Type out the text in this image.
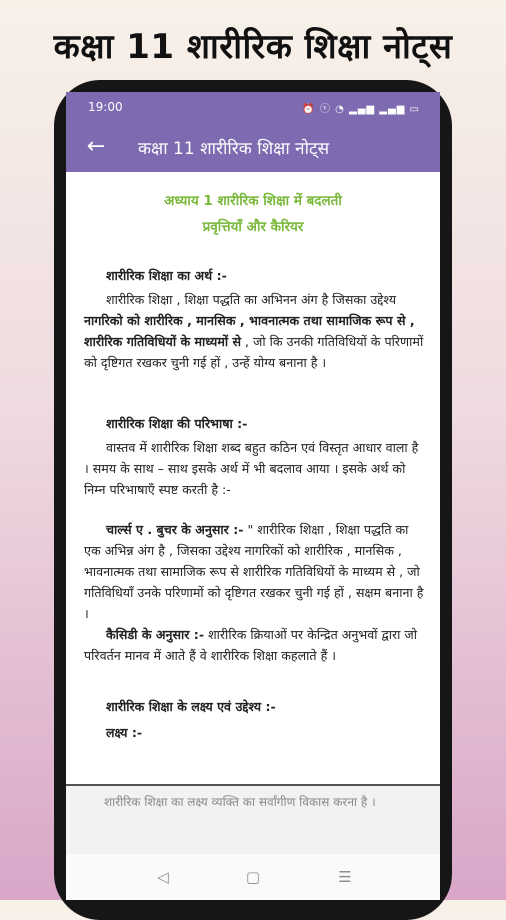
कक्षा 11 शारीरिक शिक्षा नोट्स
19:00	⏰ ⓥ ◔ ▂▄▆ ▂▄▆ ▭
← कक्षा 11 शारीरिक शिक्षा नोट्स
अध्याय 1 शारीरिक शिक्षा में बदलती
प्रवृत्तियाँ और कैरियर

शारीरिक शिक्षा का अर्थ :-

शारीरिक शिक्षा , शिक्षा पद्धति का अभिनन अंग है जिसका उद्देश्य नागरिको को शारीरिक , मानसिक , भावनात्मक तथा सामाजिक रूप से , शारीरिक गतिविधियों के माध्यमों से , जो कि उनकी गतिविधियों के परिणामों को दृष्टिगत रखकर चुनी गई हों , उन्हें योग्य बनाना है ।

शारीरिक शिक्षा की परिभाषा :-

वास्तव में शारीरिक शिक्षा शब्द बहुत कठिन एवं विस्तृत आधार वाला है । समय के साथ – साथ इसके अर्थ में भी बदलाव आया । इसके अर्थ को निम्न परिभाषाएँ स्पष्ट करती है :-

चार्ल्स ए . बुचर के अनुसार :- " शारीरिक शिक्षा , शिक्षा पद्धति का एक अभिन्न अंग है , जिसका उद्देश्य नागरिकों को शारीरिक , मानसिक , भावनात्मक तथा सामाजिक रूप से शारीरिक गतिविधियों के माध्यम से , जो गतिविधियाँ उनके परिणामों को दृष्टिगत रखकर चुनी गई हों , सक्षम बनाना है ।

कैसिडी के अनुसार :- शारीरिक क्रियाओं पर केन्द्रित अनुभवों द्वारा जो परिवर्तन मानव में आते हैं वे शारीरिक शिक्षा कहलाते हैं ।

शारीरिक शिक्षा के लक्ष्य एवं उद्देश्य :-

लक्ष्य :-

शारीरिक शिक्षा का लक्ष्य व्यक्ति का सर्वांगीण विकास करना है ।
◁	▢	☰
